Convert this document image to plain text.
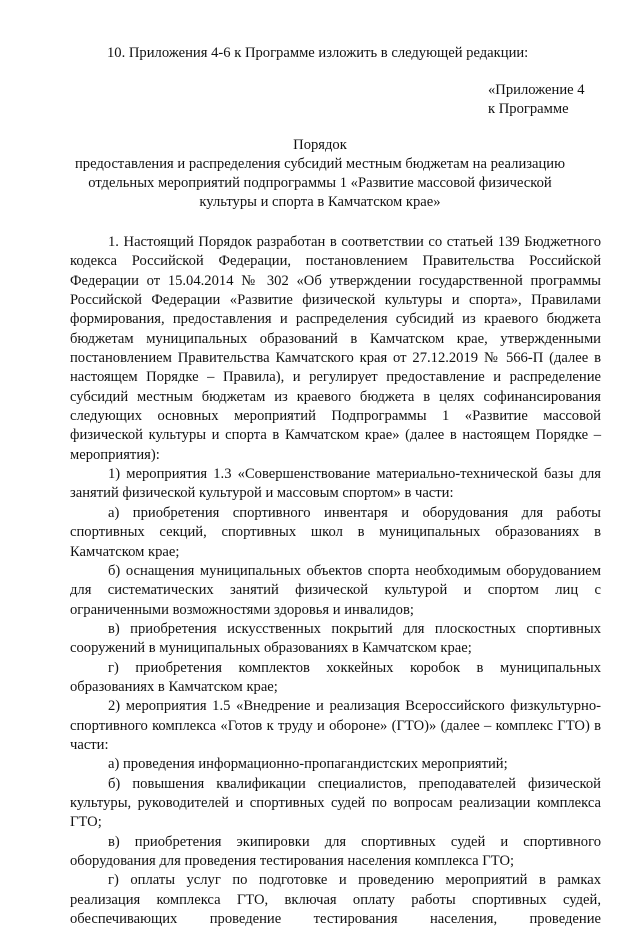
10. Приложения 4-6 к Программе изложить в следующей редакции:
«Приложение 4
к Программе
Порядок
предоставления и распределения субсидий местным бюджетам на реализацию
отдельных мероприятий подпрограммы 1 «Развитие массовой физической
культуры и спорта в Камчатском крае»

1. Настоящий Порядок разработан в соответствии со статьей 139 Бюджетного кодекса Российской Федерации, постановлением Правительства Российской Федерации от 15.04.2014 № 302 «Об утверждении государственной программы Российской Федерации «Развитие физической культуры и спорта», Правилами формирования, предоставления и распределения субсидий из краевого бюджета бюджетам муниципальных образований в Камчатском крае, утвержденными постановлением Правительства Камчатского края от 27.12.2019 № 566-П (далее в настоящем Порядке – Правила), и регулирует предоставление и распределение субсидий местным бюджетам из краевого бюджета в целях софинансирования следующих основных мероприятий Подпрограммы 1 «Развитие массовой физической культуры и спорта в Камчатском крае» (далее в настоящем Порядке – мероприятия):

1) мероприятия 1.3 «Совершенствование материально-технической базы для занятий физической культурой и массовым спортом» в части:

а) приобретения спортивного инвентаря и оборудования для работы спортивных секций, спортивных школ в муниципальных образованиях в Камчатском крае;

б) оснащения муниципальных объектов спорта необходимым оборудованием для систематических занятий физической культурой и спортом лиц с ограниченными возможностями здоровья и инвалидов;

в) приобретения искусственных покрытий для плоскостных спортивных сооружений в муниципальных образованиях в Камчатском крае;

г) приобретения комплектов хоккейных коробок в муниципальных образованиях в Камчатском крае;

2) мероприятия 1.5 «Внедрение и реализация Всероссийского физкультурно-спортивного комплекса «Готов к труду и обороне» (ГТО)» (далее – комплекс ГТО) в части:

а) проведения информационно-пропагандистских мероприятий;

б) повышения квалификации специалистов, преподавателей физической культуры, руководителей и спортивных судей по вопросам реализации комплекса ГТО;

в) приобретения экипировки для спортивных судей и спортивного оборудования для проведения тестирования населения комплекса ГТО;

г) оплаты услуг по подготовке и проведению мероприятий в рамках реализация комплекса ГТО, включая оплату работы спортивных судей, обеспечивающих проведение тестирования населения, проведение
